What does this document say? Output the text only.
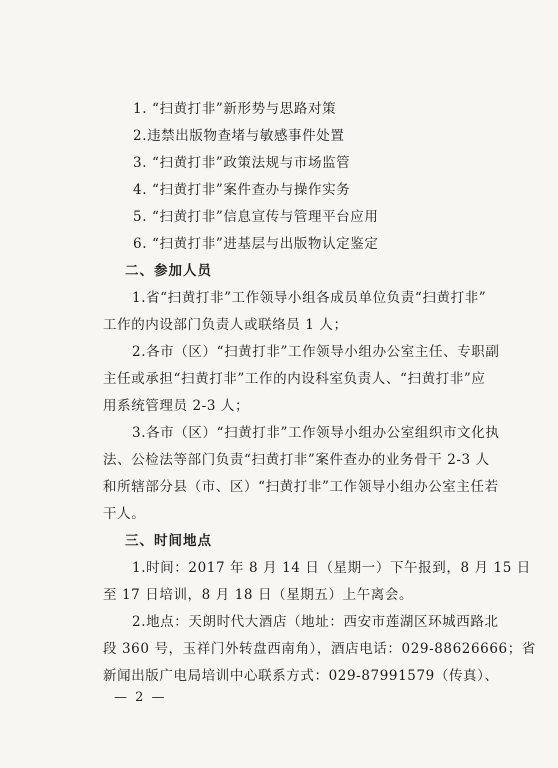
1. “扫黄打非”新形势与思路对策
2.违禁出版物查堵与敏感事件处置
3. “扫黄打非”政策法规与市场监管
4. “扫黄打非”案件查办与操作实务
5. “扫黄打非”信息宣传与管理平台应用
6. “扫黄打非”进基层与出版物认定鉴定
二、参加人员
1.省“扫黄打非”工作领导小组各成员单位负责“扫黄打非”
工作的内设部门负责人或联络员 1 人；
2.各市（区）“扫黄打非”工作领导小组办公室主任、专职副
主任或承担“扫黄打非”工作的内设科室负责人、“扫黄打非”应
用系统管理员 2-3 人；
3.各市（区）“扫黄打非”工作领导小组办公室组织市文化执
法、公检法等部门负责“扫黄打非”案件查办的业务骨干 2-3 人
和所辖部分县（市、区）“扫黄打非”工作领导小组办公室主任若
干人。
三、时间地点
1.时间：2017 年 8 月 14 日（星期一）下午报到，8 月 15 日
至 17 日培训，8 月 18 日（星期五）上午离会。
2.地点：天朗时代大酒店（地址：西安市莲湖区环城西路北
段 360 号，玉祥门外转盘西南角），酒店电话：029-88626666；省
新闻出版广电局培训中心联系方式：029-87991579（传真）、
— 2 —
